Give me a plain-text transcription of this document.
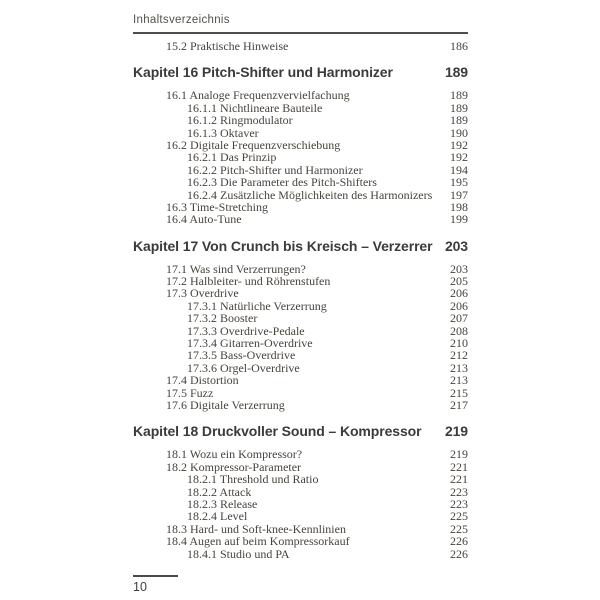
Inhaltsverzeichnis
15.2 Praktische Hinweise	186
Kapitel 16 Pitch-Shifter und Harmonizer	189
16.1 Analoge Frequenzvervielfachung	189
16.1.1 Nichtlineare Bauteile	189
16.1.2 Ringmodulator	189
16.1.3 Oktaver	190
16.2 Digitale Frequenzverschiebung	192
16.2.1 Das Prinzip	192
16.2.2 Pitch-Shifter und Harmonizer	194
16.2.3 Die Parameter des Pitch-Shifters	195
16.2.4 Zusätzliche Möglichkeiten des Harmonizers 197
16.3 Time-Stretching	198
16.4 Auto-Tune	199
Kapitel 17 Von Crunch bis Kreisch – Verzerrer 203
17.1 Was sind Verzerrungen?	203
17.2 Halbleiter- und Röhrenstufen	205
17.3 Overdrive	206
17.3.1 Natürliche Verzerrung	206
17.3.2 Booster	207
17.3.3 Overdrive-Pedale	208
17.3.4 Gitarren-Overdrive	210
17.3.5 Bass-Overdrive	212
17.3.6 Orgel-Overdrive	213
17.4 Distortion	213
17.5 Fuzz	215
17.6 Digitale Verzerrung	217
Kapitel 18 Druckvoller Sound – Kompressor 219
18.1 Wozu ein Kompressor?	219
18.2 Kompressor-Parameter	221
18.2.1 Threshold und Ratio	221
18.2.2 Attack	223
18.2.3 Release	223
18.2.4 Level	225
18.3 Hard- und Soft-knee-Kennlinien	225
18.4 Augen auf beim Kompressorkauf	226
18.4.1 Studio und PA	226
10
